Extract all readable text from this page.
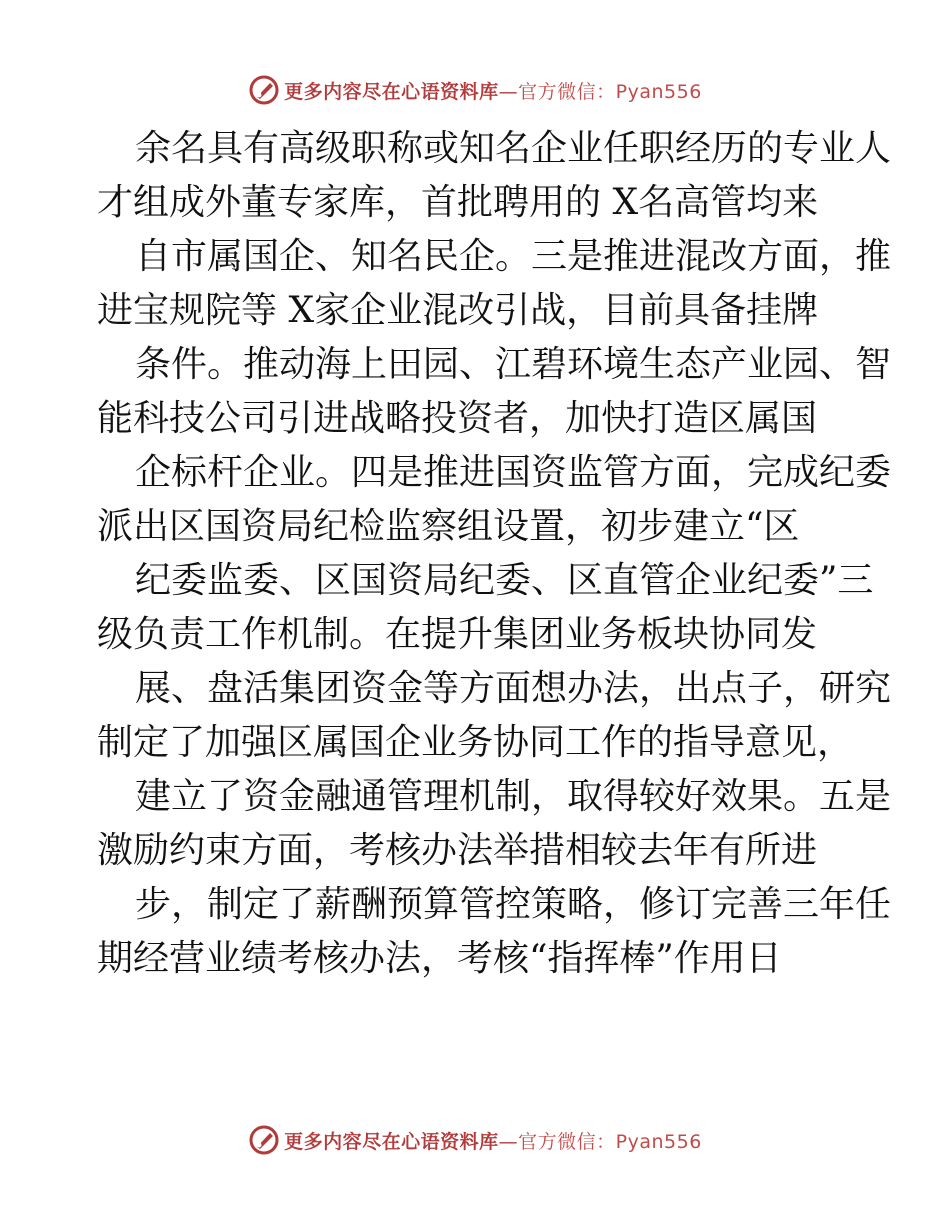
更多内容尽在心语资料库—官方微信：Pyan556
余名具有高级职称或知名企业任职经历的专业人
才组成外董专家库，首批聘用的 X名高管均来
自市属国企、知名民企。三是推进混改方面，推
进宝规院等 X家企业混改引战，目前具备挂牌
条件。推动海上田园、江碧环境生态产业园、智
能科技公司引进战略投资者，加快打造区属国
企标杆企业。四是推进国资监管方面，完成纪委
派出区国资局纪检监察组设置，初步建立“区
纪委监委、区国资局纪委、区直管企业纪委”三
级负责工作机制。在提升集团业务板块协同发
展、盘活集团资金等方面想办法，出点子，研究
制定了加强区属国企业务协同工作的指导意见，
建立了资金融通管理机制，取得较好效果。五是
激励约束方面，考核办法举措相较去年有所进
步，制定了薪酬预算管控策略，修订完善三年任
期经营业绩考核办法，考核“指挥棒”作用日
更多内容尽在心语资料库—官方微信：Pyan556
